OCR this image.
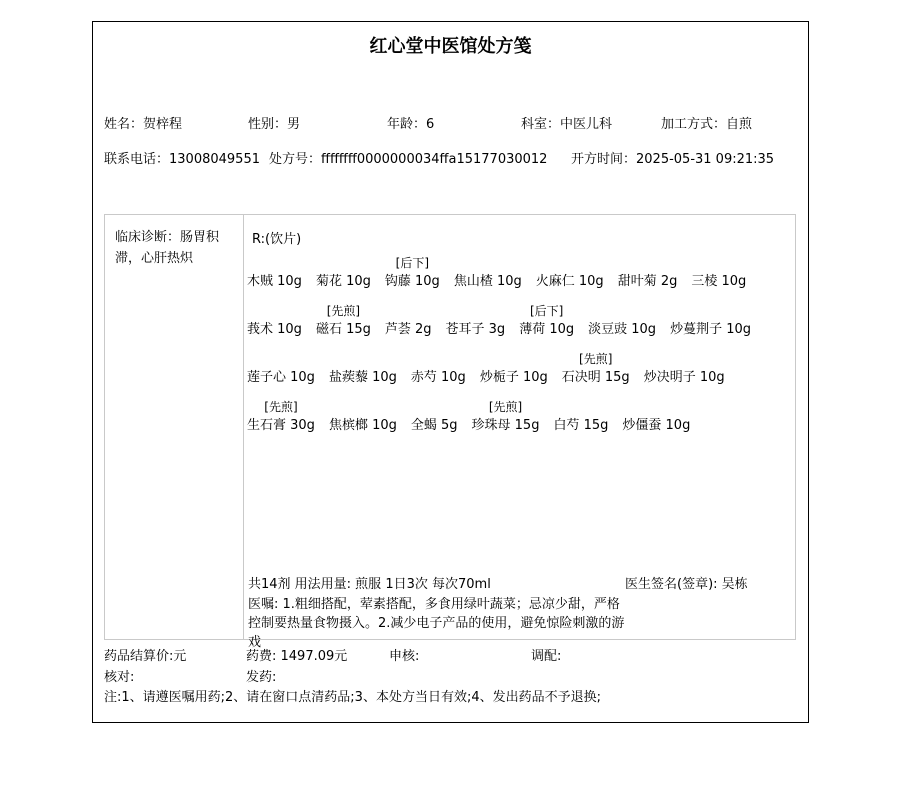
红心堂中医馆处方笺
姓名：贺梓程	性别：男	年龄：6	科室：中医儿科	加工方式：自煎
联系电话：13008049551 处方号：ffffffff0000000034ffa15177030012 开方时间：2025-05-31 09:21:35
临床诊断：肠胃积滞，心肝热炽
R:(饮片)

木贼 10g
菊花 10g
[后下]
钩藤 10g
焦山楂 10g
火麻仁 10g
甜叶菊 2g
三棱 10g

莪术 10g
[先煎]
磁石 15g
芦荟 2g
苍耳子 3g
[后下]
薄荷 10g
淡豆豉 10g
炒蔓荆子 10g

莲子心 10g
盐蒺藜 10g
赤芍 10g
炒栀子 10g
[先煎]
石决明 15g
炒决明子 10g
[先煎]
生石膏 30g
焦槟榔 10g
全蝎 5g
[先煎]
珍珠母 15g
白芍 15g
炒僵蚕 10g
共14剂 用法用量: 煎服 1日3次 每次70ml	医生签名(签章): 吴栋
医嘱: 1.粗细搭配，荤素搭配，多食用绿叶蔬菜；忌凉少甜，严格控制要热量食物摄入。2.减少电子产品的使用，避免惊险刺激的游戏
药品结算价:元	药费: 1497.09元	申核:	调配:
核对:	发药:
注:1、请遵医嘱用药;2、请在窗口点清药品;3、本处方当日有效;4、发出药品不予退换;
